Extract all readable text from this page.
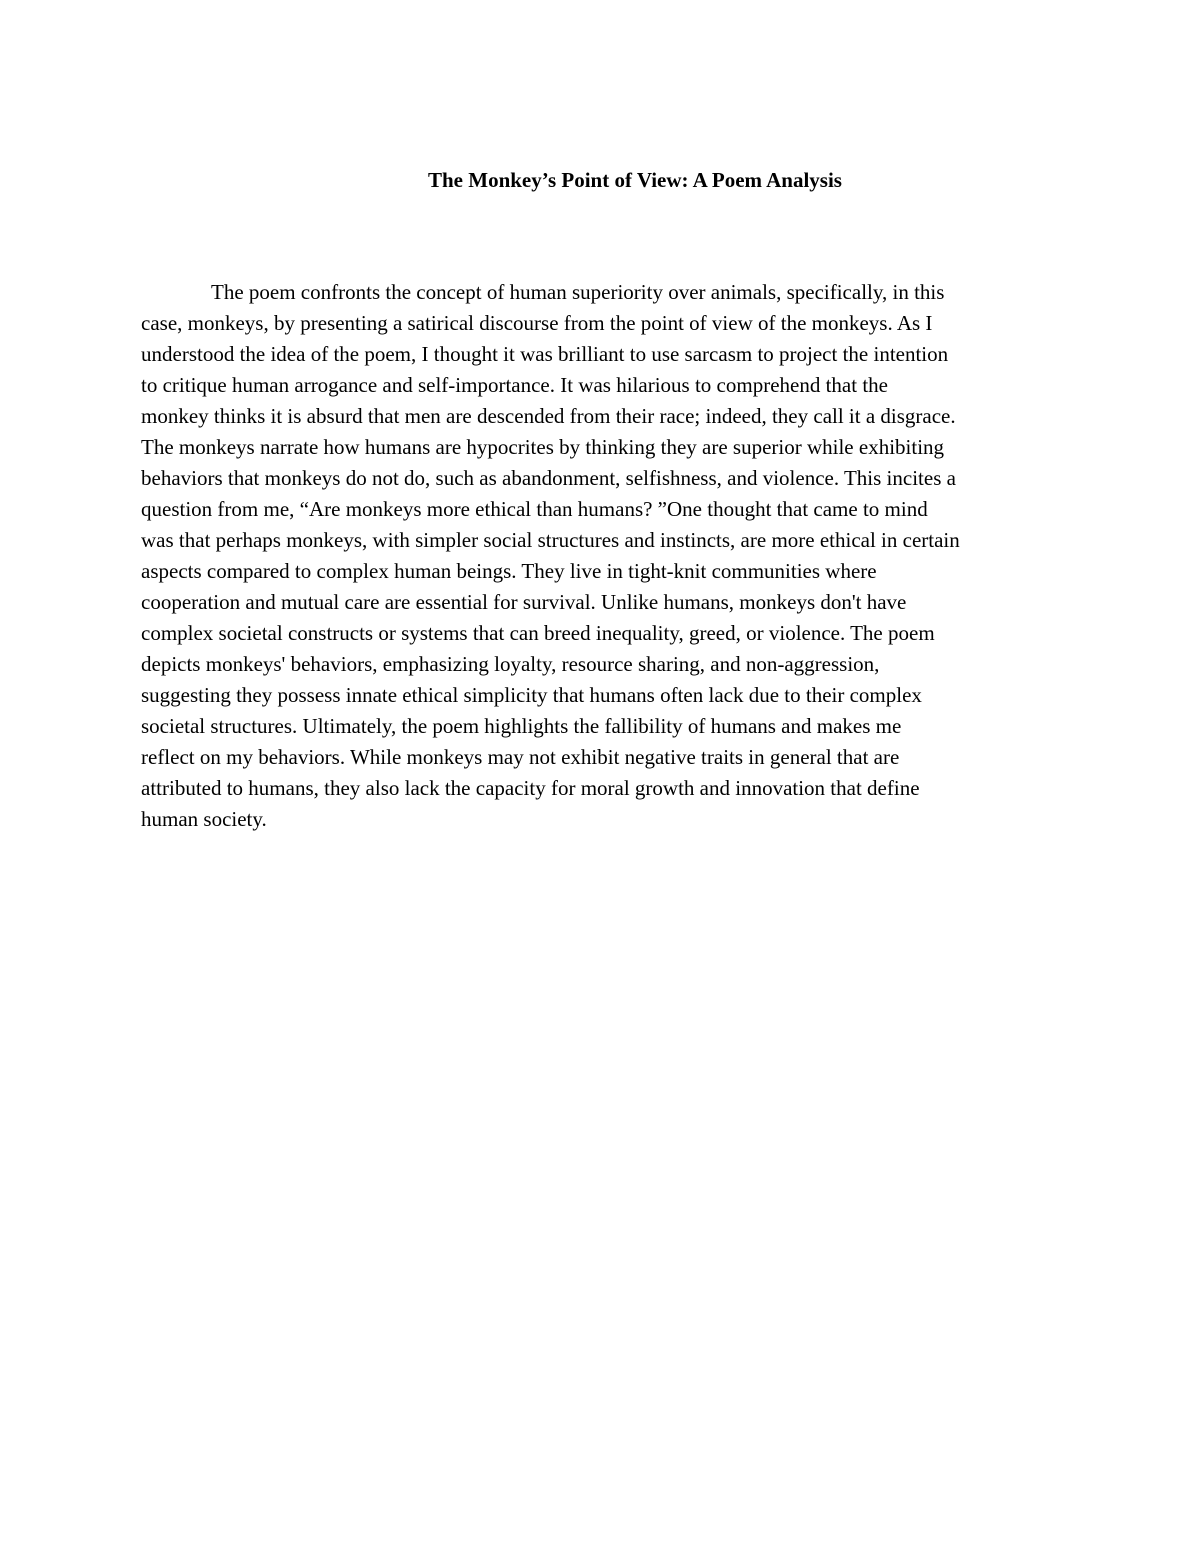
The Monkey’s Point of View: A Poem Analysis
The poem confronts the concept of human superiority over animals, specifically, in this
case, monkeys, by presenting a satirical discourse from the point of view of the monkeys. As I
understood the idea of the poem, I thought it was brilliant to use sarcasm to project the intention
to critique human arrogance and self-importance. It was hilarious to comprehend that the
monkey thinks it is absurd that men are descended from their race; indeed, they call it a disgrace.
The monkeys narrate how humans are hypocrites by thinking they are superior while exhibiting
behaviors that monkeys do not do, such as abandonment, selfishness, and violence. This incites a
question from me, “Are monkeys more ethical than humans? ”One thought that came to mind
was that perhaps monkeys, with simpler social structures and instincts, are more ethical in certain
aspects compared to complex human beings. They live in tight-knit communities where
cooperation and mutual care are essential for survival. Unlike humans, monkeys don't have
complex societal constructs or systems that can breed inequality, greed, or violence. The poem
depicts monkeys' behaviors, emphasizing loyalty, resource sharing, and non-aggression,
suggesting they possess innate ethical simplicity that humans often lack due to their complex
societal structures. Ultimately, the poem highlights the fallibility of humans and makes me
reflect on my behaviors. While monkeys may not exhibit negative traits in general that are
attributed to humans, they also lack the capacity for moral growth and innovation that define
human society.
